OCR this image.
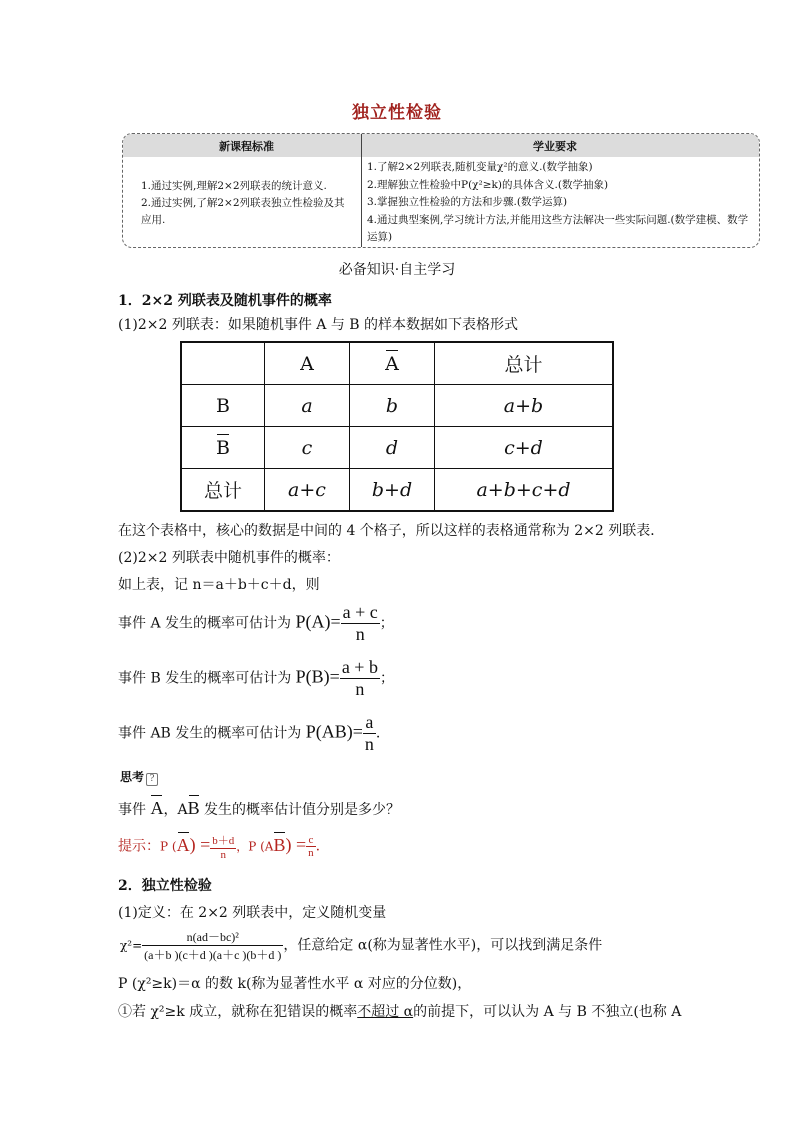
独立性检验
新课程标准	学业要求

1.通过实例,理解2×2列联表的统计意义.

2.通过实例,了解2×2列联表独立性检验及其应用.

1.了解2×2列联表,随机变量χ²的意义.(数学抽象)

2.理解独立性检验中P(χ²≥k)的具体含义.(数学抽象)

3.掌握独立性检验的方法和步骤.(数学运算)

4.通过典型案例,学习统计方法,并能用这些方法解决一些实际问题.(数学建模、数学运算)

必备知识·自主学习
1．2×2 列联表及随机事件的概率
(1)2×2 列联表：如果随机事件 A 与 B 的样本数据如下表格形式
	A	A	总计
B	a	b	a+b
B	c	d	c+d
总计	a+c	b+d	a+b+c+d
在这个表格中，核心的数据是中间的 4 个格子，所以这样的表格通常称为 2×2 列联表．
(2)2×2 列联表中随机事件的概率：
如上表，记 n＝a＋b＋c＋d，则
事件 A 发生的概率可估计为 $P(A)= \frac{a + c}{n}$ ；
事件 B 发生的概率可估计为 $P(B)= \frac{a + b}{n}$ ；
事件 AB 发生的概率可估计为 $P(AB)= \frac{a}{n}$ .
思考 ?
事件 A，AB 发生的概率估计值分别是多少？
提示：P $(A) = \frac{b+d}{n}$ ，P $(AB) = \frac{c}{n}$ .
2．独立性检验
(1)定义：在 2×2 列联表中，定义随机变量
$\chi^2= \frac{\text{n(ad－bc)²}}{(a+b )(c+d )(a+c )(b+d )}$ ，任意给定 α(称为显著性水平)，可以找到满足条件
P (χ²≥k)＝α 的数 k(称为显著性水平 α 对应的分位数)，
①若 χ²≥k 成立，就称在犯错误的概率不超过 α的前提下，可以认为 A 与 B 不独立(也称 A
